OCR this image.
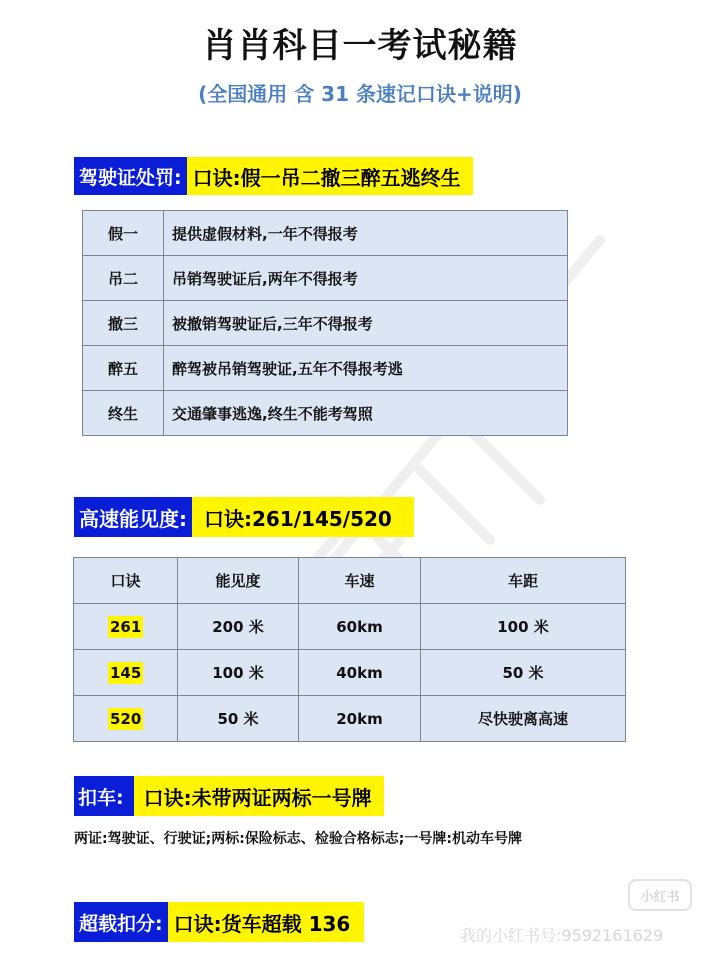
肖肖科目一考试秘籍
(全国通用 含 31 条速记口诀+说明)
驾驶证处罚: 口诀:假一吊二撤三醉五逃终生
假一	提供虚假材料,一年不得报考
吊二	吊销驾驶证后,两年不得报考
撤三	被撤销驾驶证后,三年不得报考
醉五	醉驾被吊销驾驶证,五年不得报考逃
终生	交通肇事逃逸,终生不能考驾照
高速能见度: 口诀:261/145/520
口诀	能见度	车速	车距
261	200 米	60km	100 米
145	100 米	40km	50 米
520	50 米	20km	尽快驶离高速
扣车:	口诀:未带两证两标一号牌
两证:驾驶证、行驶证;两标:保险标志、检验合格标志;一号牌:机动车号牌
超载扣分: 口诀:货车超载 136
小红书
我的小红书号:9592161629
